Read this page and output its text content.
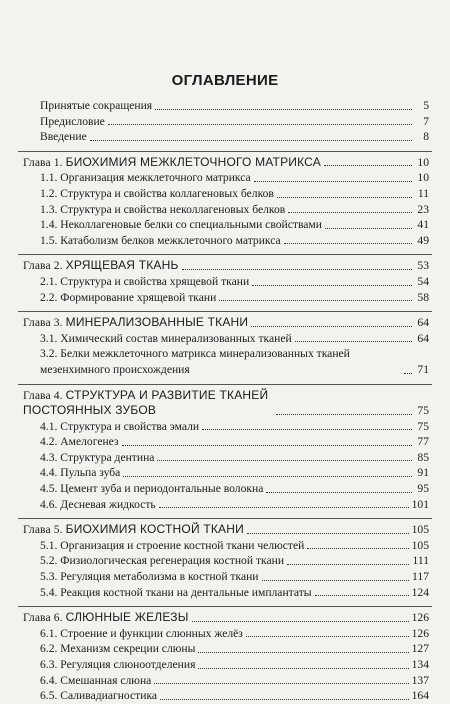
ОГЛАВЛЕНИЕ
Принятые сокращения	5
Предисловие	7
Введение	8
Глава 1. БИОХИМИЯ МЕЖКЛЕТОЧНОГО МАТРИКСА	10
1.1. Организация межклеточного матрикса	10
1.2. Структура и свойства коллагеновых белков	11
1.3. Структура и свойства неколлагеновых белков	23
1.4. Неколлагеновые белки со специальными свойствами	41
1.5. Катаболизм белков межклеточного матрикса	49
Глава 2. ХРЯЩЕВАЯ ТКАНЬ	53
2.1. Структура и свойства хрящевой ткани	54
2.2. Формирование хрящевой ткани	58
Глава 3. МИНЕРАЛИЗОВАННЫЕ ТКАНИ	64
3.1. Химический состав минерализованных тканей	64
3.2. Белки межклеточного матрикса минерализованных тканей мезенхимного происхождения	71
Глава 4. СТРУКТУРА И РАЗВИТИЕ ТКАНЕЙ ПОСТОЯННЫХ ЗУБОВ	75
4.1. Структура и свойства эмали	75
4.2. Амелогенез	77
4.3. Структура дентина	85
4.4. Пульпа зуба	91
4.5. Цемент зуба и периодонтальные волокна	95
4.6. Десневая жидкость	101
Глава 5. БИОХИМИЯ КОСТНОЙ ТКАНИ	105
5.1. Организация и строение костной ткани челюстей	105
5.2. Физиологическая регенерация костной ткани	111
5.3. Регуляция метаболизма в костной ткани	117
5.4. Реакция костной ткани на дентальные имплантаты	124
Глава 6. СЛЮННЫЕ ЖЕЛЕЗЫ	126
6.1. Строение и функции слюнных желёз	126
6.2. Механизм секреции слюны	127
6.3. Регуляция слюноотделения	134
6.4. Смешанная слюна	137
6.5. Саливадиагностика	164
